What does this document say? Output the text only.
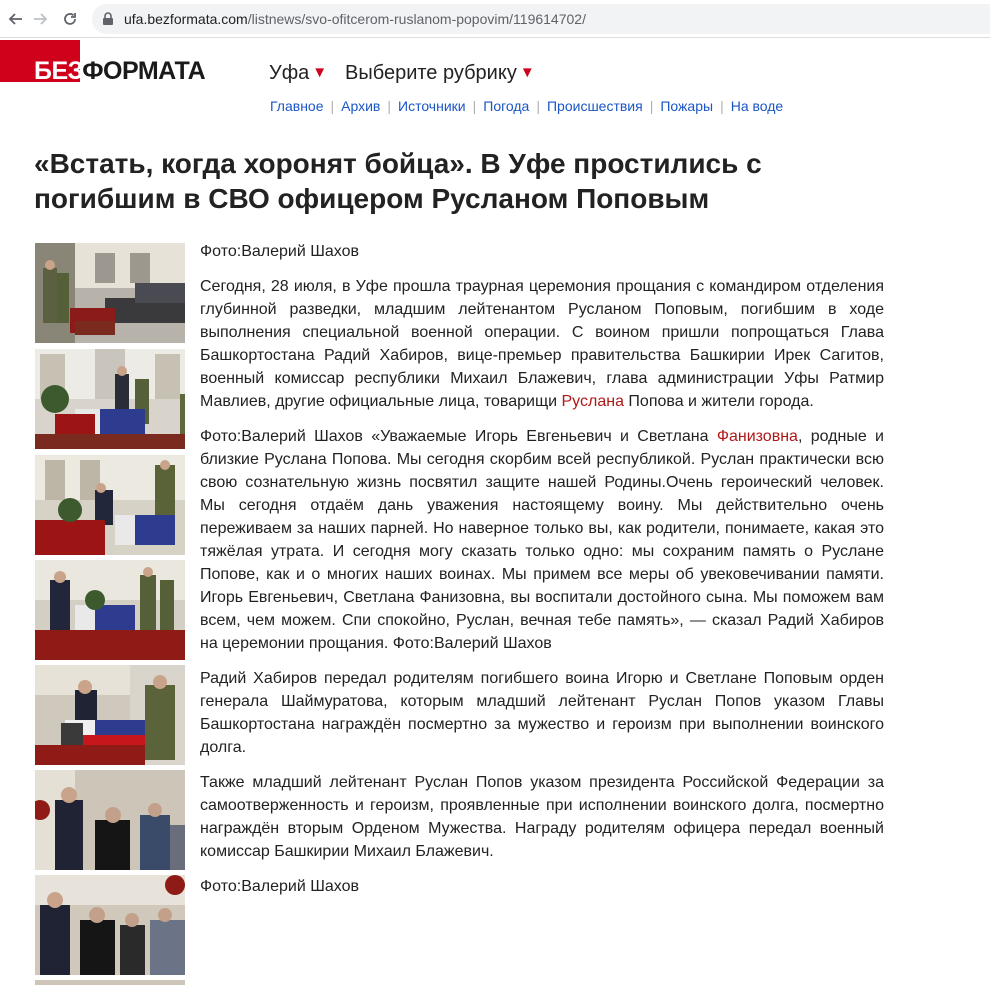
ufa.bezformata.com/listnews/svo-ofitcerom-ruslanom-popovim/119614702/
БЕЗФОРМАТА	Уфа ▼ Выберите рубрику ▼
Главное | Архив | Источники | Погода | Происшествия | Пожары | На воде
«Встать, когда хоронят бойца». В Уфе простились с погибшим в СВО офицером Русланом Поповым

Фото:Валерий Шахов

Сегодня, 28 июля, в Уфе прошла траурная церемония прощания с командиром отделения глубинной разведки, младшим лейтенантом Русланом Поповым, погибшим в ходе выполнения специальной военной операции. С воином пришли попрощаться Глава Башкортостана Радий Хабиров, вице-премьер правительства Башкирии Ирек Сагитов, военный комиссар республики Михаил Блажевич, глава администрации Уфы Ратмир Мавлиев, другие официальные лица, товарищи Руслана Попова и жители города.

Фото:Валерий Шахов «Уважаемые Игорь Евгеньевич и Светлана Фанизовна, родные и близкие Руслана Попова. Мы сегодня скорбим всей республикой. Руслан практически всю свою сознательную жизнь посвятил защите нашей Родины.Очень героический человек. Мы сегодня отдаём дань уважения настоящему воину. Мы действительно очень переживаем за наших парней. Но наверное только вы, как родители, понимаете, какая это тяжёлая утрата. И сегодня могу сказать только одно: мы сохраним память о Руслане Попове, как и о многих наших воинах. Мы примем все меры об увековечивании памяти. Игорь Евгеньевич, Светлана Фанизовна, вы воспитали достойного сына. Мы поможем вам всем, чем можем. Спи спокойно, Руслан, вечная тебе память», — сказал Радий Хабиров на церемонии прощания. Фото:Валерий Шахов

Радий Хабиров передал родителям погибшего воина Игорю и Светлане Поповым орден генерала Шаймуратова, которым младший лейтенант Руслан Попов указом Главы Башкортостана награждён посмертно за мужество и героизм при выполнении воинского долга.

Также младший лейтенант Руслан Попов указом президента Российской Федерации за самоотверженность и героизм, проявленные при исполнении воинского долга, посмертно награждён вторым Орденом Мужества. Награду родителям офицера передал военный комиссар Башкирии Михаил Блажевич.

Фото:Валерий Шахов
